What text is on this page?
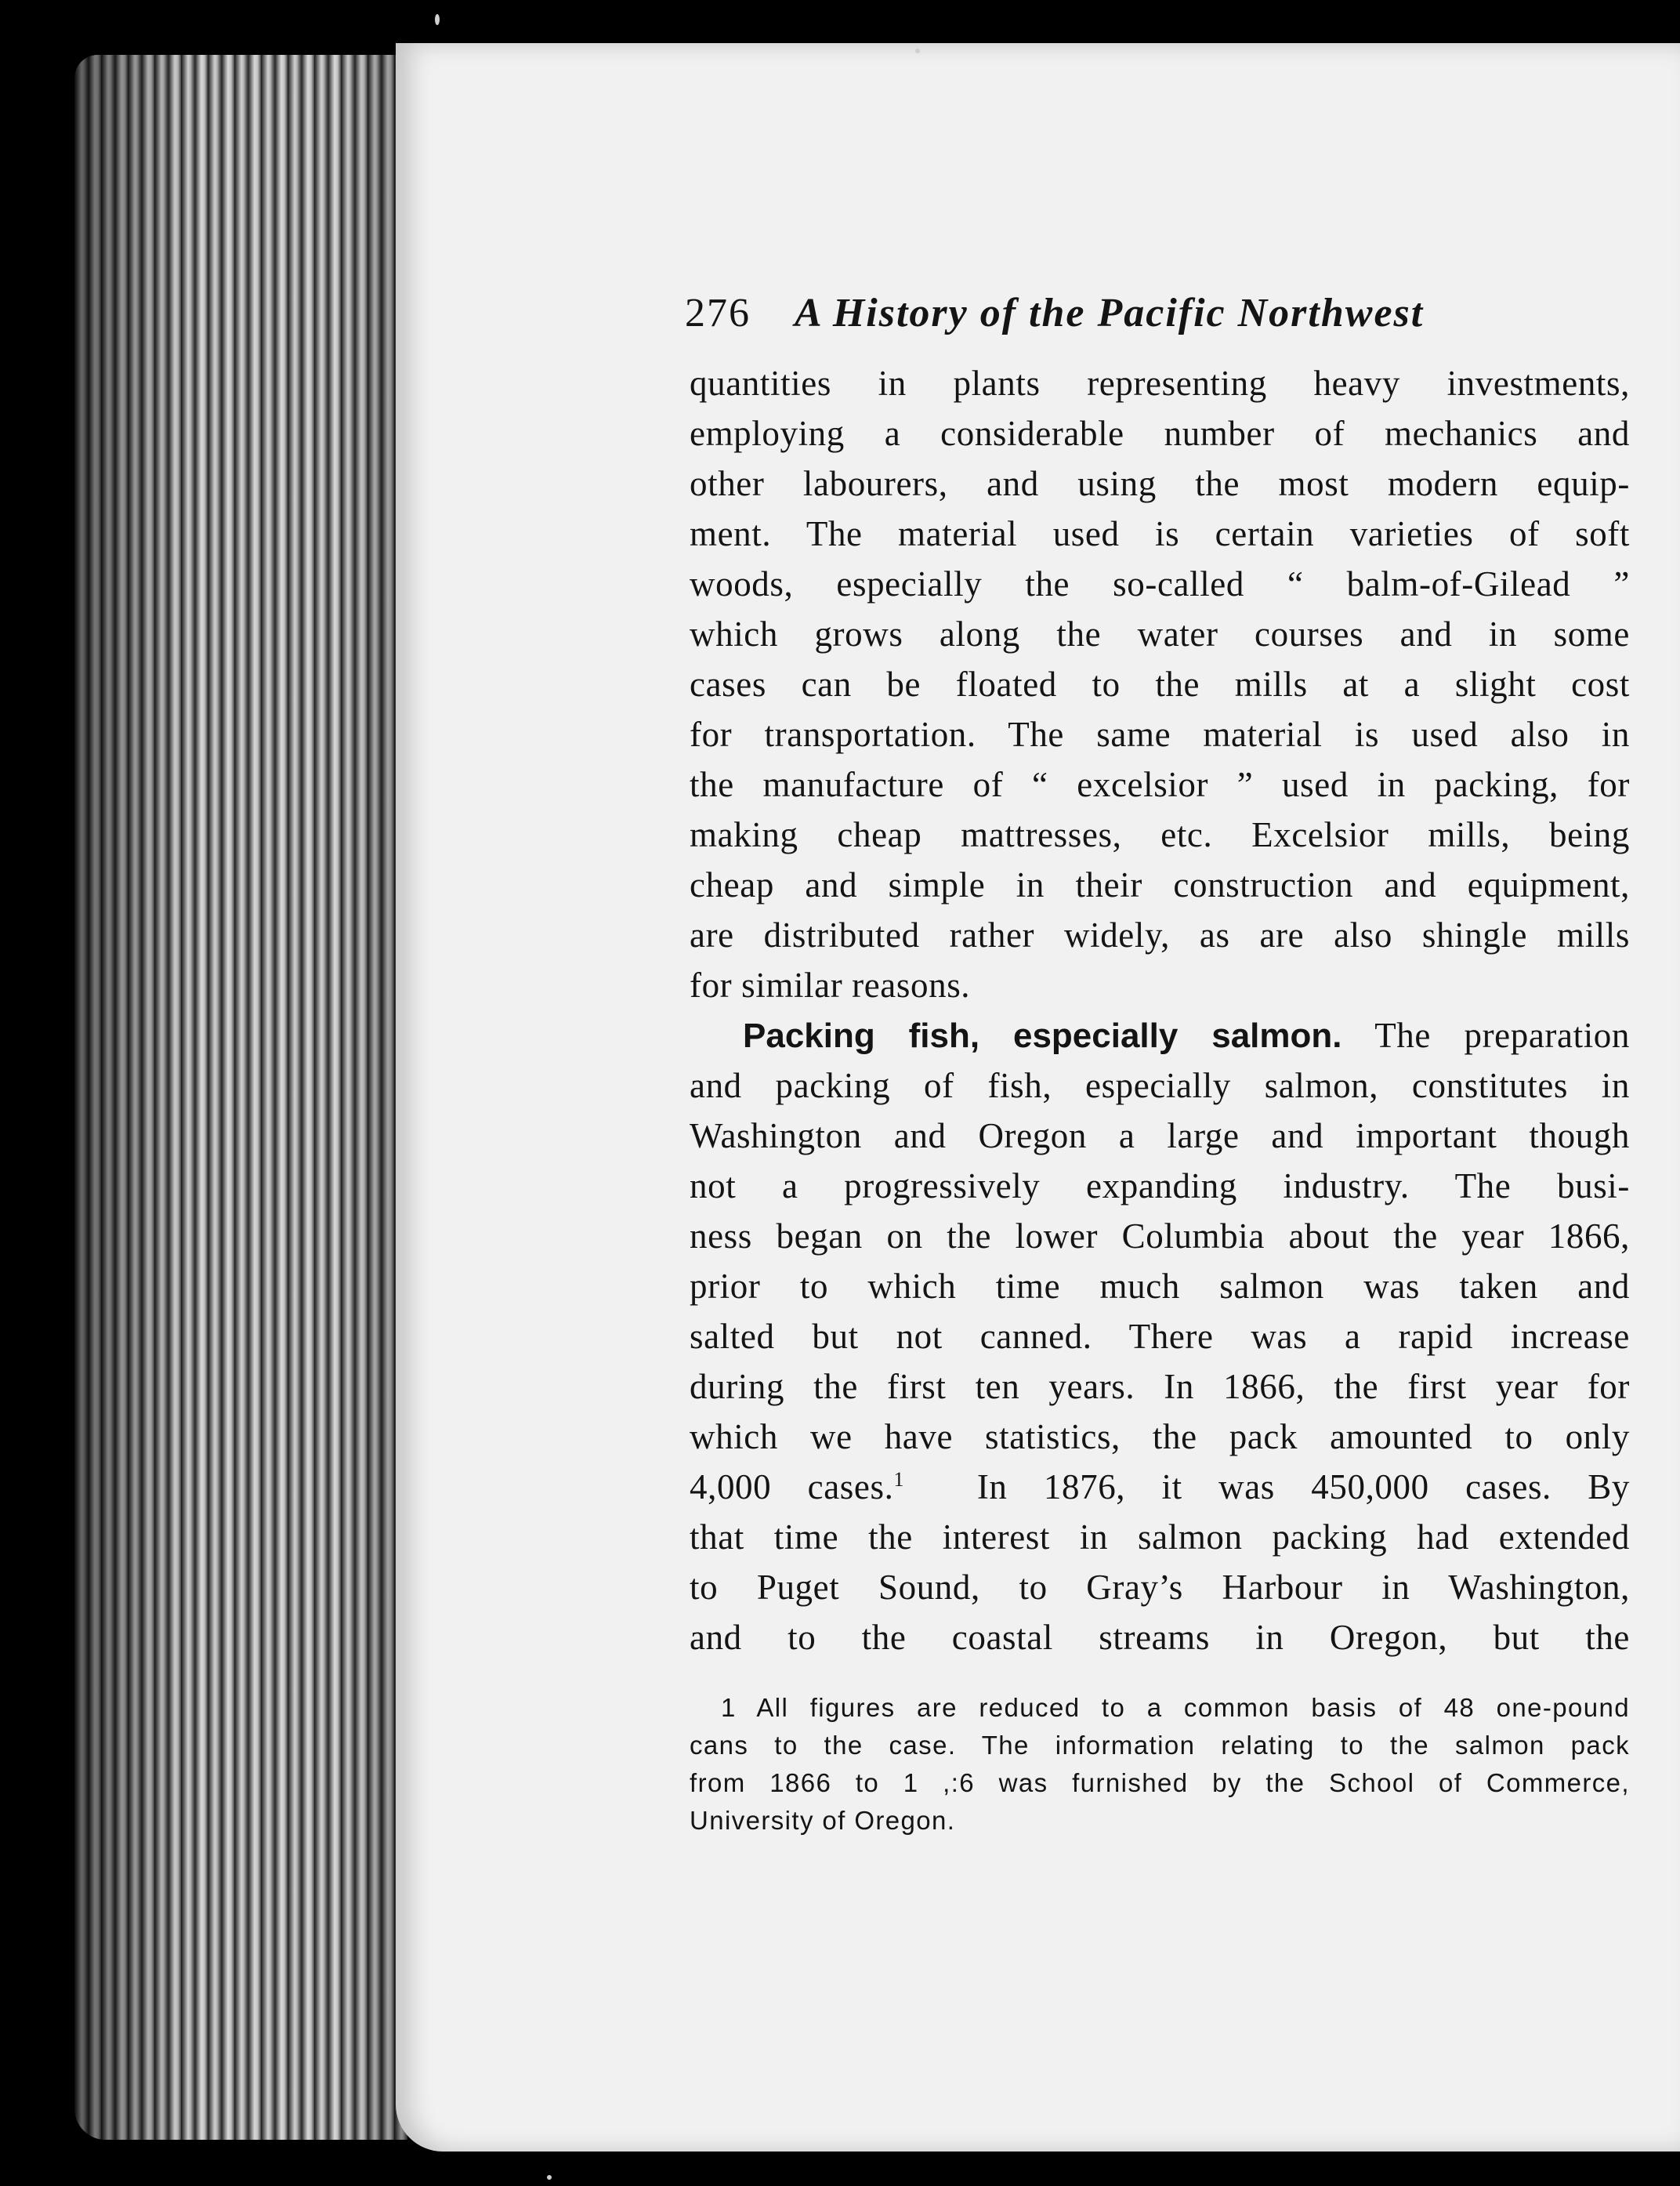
276	A History of the Pacific Northwest
quantities in plants representing heavy investments,
employing a considerable number of mechanics and
other labourers, and using the most modern equip-
ment. The material used is certain varieties of soft
woods, especially the so-called “ balm-of-Gilead ”
which grows along the water courses and in some
cases can be floated to the mills at a slight cost
for transportation. The same material is used also in
the manufacture of “ excelsior ” used in packing, for
making cheap mattresses, etc. Excelsior mills, being
cheap and simple in their construction and equipment,
are distributed rather widely, as are also shingle mills
for similar reasons.
Packing fish, especially salmon. The preparation
and packing of fish, especially salmon, constitutes in
Washington and Oregon a large and important though
not a progressively expanding industry. The busi-
ness began on the lower Columbia about the year 1866,
prior to which time much salmon was taken and
salted but not canned. There was a rapid increase
during the first ten years. In 1866, the first year for
which we have statistics, the pack amounted to only
4,000 cases.$^1$ In 1876, it was 450,000 cases. By
that time the interest in salmon packing had extended
to Puget Sound, to Gray’s Harbour in Washington,
and to the coastal streams in Oregon, but the
1 All figures are reduced to a common basis of 48 one-pound
cans to the case. The information relating to the salmon pack
from 1866 to 1 ,:6 was furnished by the School of Commerce,
University of Oregon.
